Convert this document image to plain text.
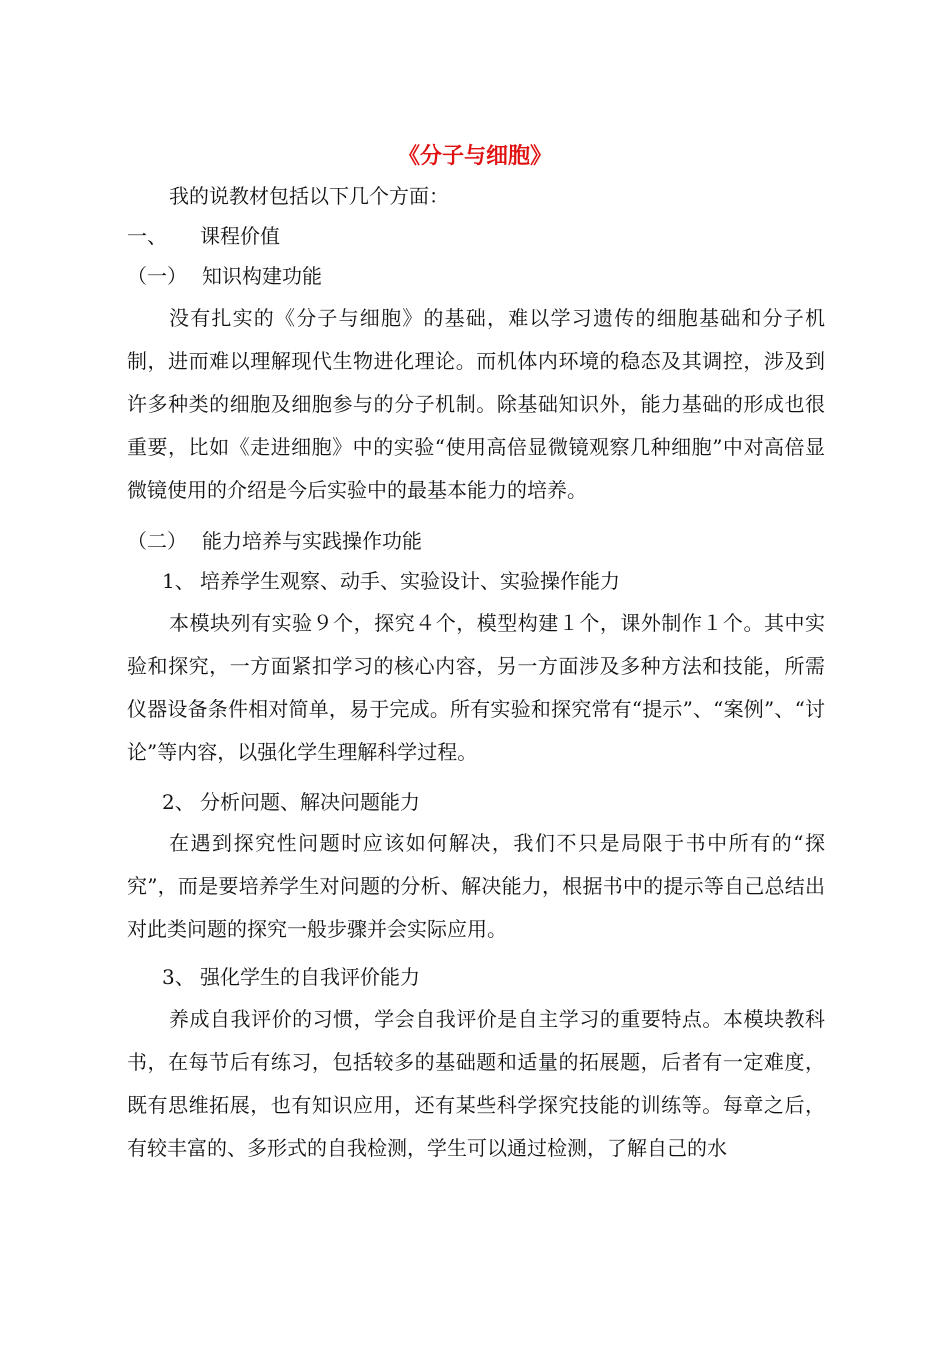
《分子与细胞》
我的说教材包括以下几个方面：
一、 课程价值
（一） 知识构建功能

没有扎实的《分子与细胞》的基础，难以学习遗传的细胞基础和分子机制，进而难以理解现代生物进化理论。而机体内环境的稳态及其调控，涉及到许多种类的细胞及细胞参与的分子机制。除基础知识外，能力基础的形成也很重要，比如《走进细胞》中的实验“使用高倍显微镜观察几种细胞”中对高倍显微镜使用的介绍是今后实验中的最基本能力的培养。

（二） 能力培养与实践操作功能
1、 培养学生观察、动手、实验设计、实验操作能力

本模块列有实验９个，探究４个，模型构建１个，课外制作１个。其中实验和探究，一方面紧扣学习的核心内容，另一方面涉及多种方法和技能，所需仪器设备条件相对简单，易于完成。所有实验和探究常有“提示”、“案例”、“讨论”等内容，以强化学生理解科学过程。

2、 分析问题、解决问题能力

在遇到探究性问题时应该如何解决，我们不只是局限于书中所有的“探究”，而是要培养学生对问题的分析、解决能力，根据书中的提示等自己总结出对此类问题的探究一般步骤并会实际应用。

3、 强化学生的自我评价能力

养成自我评价的习惯，学会自我评价是自主学习的重要特点。本模块教科书，在每节后有练习，包括较多的基础题和适量的拓展题，后者有一定难度，既有思维拓展，也有知识应用，还有某些科学探究技能的训练等。每章之后，有较丰富的、多形式的自我检测，学生可以通过检测，了解自己的水
